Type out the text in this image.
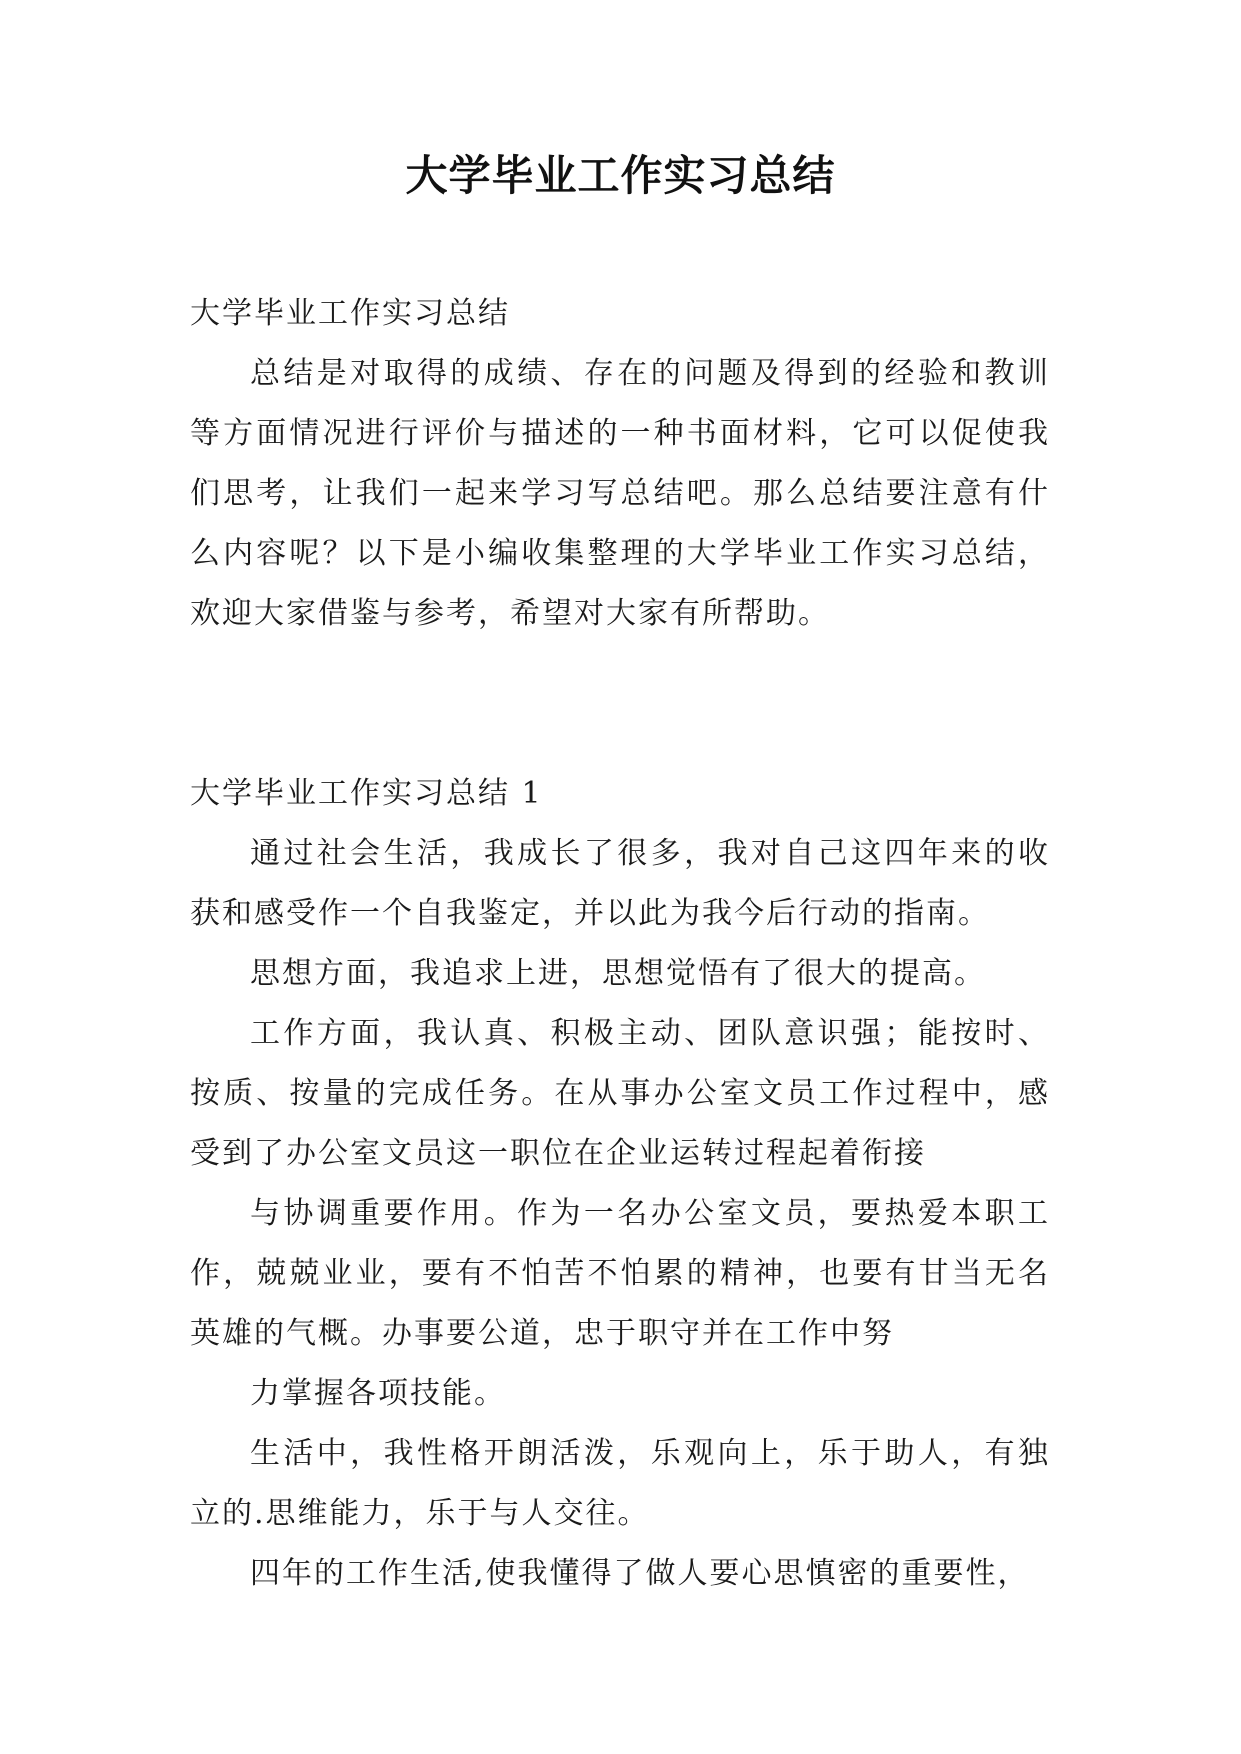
大学毕业工作实习总结
大学毕业工作实习总结
总结是对取得的成绩、存在的问题及得到的经验和教训
等方面情况进行评价与描述的一种书面材料，它可以促使我
们思考，让我们一起来学习写总结吧。那么总结要注意有什
么内容呢？以下是小编收集整理的大学毕业工作实习总结，
欢迎大家借鉴与参考，希望对大家有所帮助。
大学毕业工作实习总结 1
通过社会生活，我成长了很多，我对自己这四年来的收
获和感受作一个自我鉴定，并以此为我今后行动的指南。
思想方面，我追求上进，思想觉悟有了很大的提高。
工作方面，我认真、积极主动、团队意识强；能按时、
按质、按量的完成任务。在从事办公室文员工作过程中，感
受到了办公室文员这一职位在企业运转过程起着衔接
与协调重要作用。作为一名办公室文员，要热爱本职工
作，兢兢业业，要有不怕苦不怕累的精神，也要有甘当无名
英雄的气概。办事要公道，忠于职守并在工作中努
力掌握各项技能。
生活中，我性格开朗活泼，乐观向上，乐于助人，有独
立的.思维能力，乐于与人交往。
四年的工作生活,使我懂得了做人要心思慎密的重要性，
